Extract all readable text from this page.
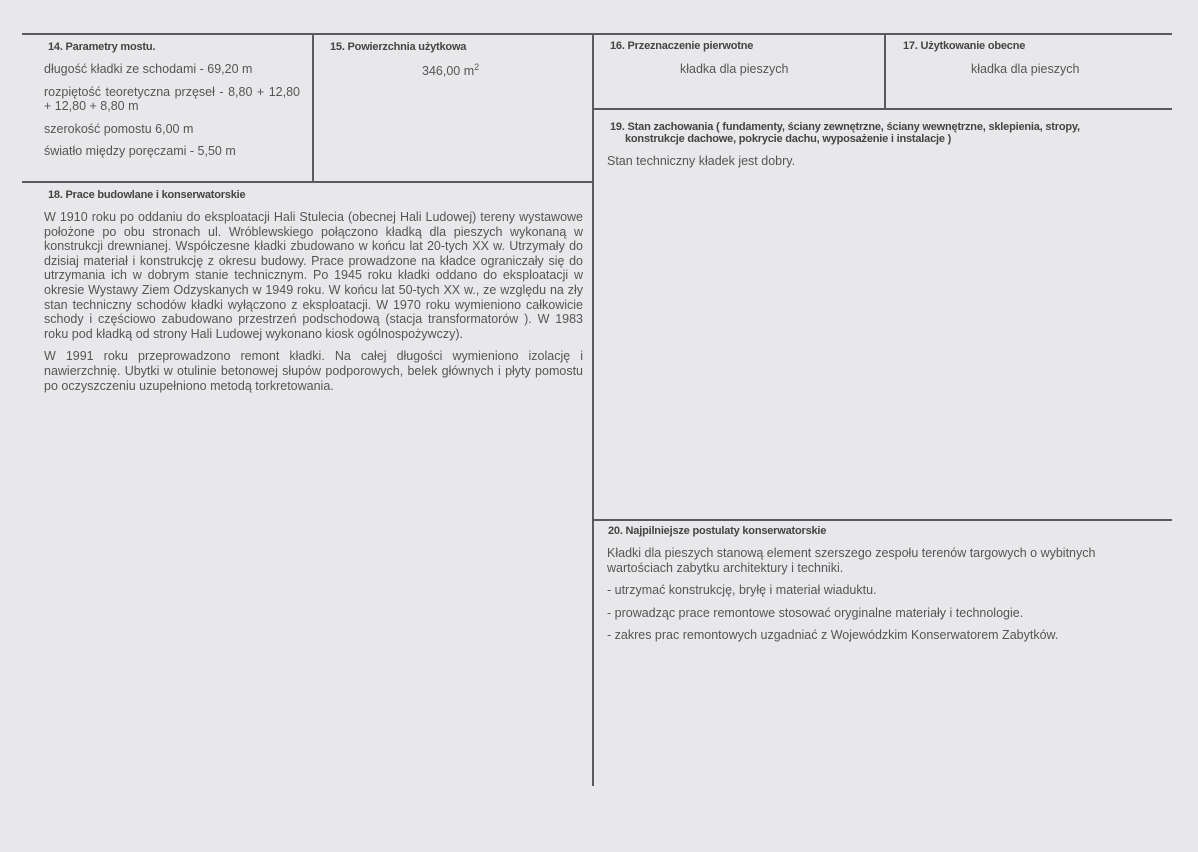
14. Parametry mostu.

długość kładki ze schodami - 69,20 m

rozpiętość teoretyczna przęseł - 8,80 + 12,80 + 12,80 + 8,80 m

szerokość pomostu 6,00 m

światło między poręczami - 5,50 m

15. Powierzchnia użytkowa
346,00 $m^2$
16. Przeznaczenie pierwotne
kładka dla pieszych
17. Użytkowanie obecne
kładka dla pieszych
18. Prace budowlane i konserwatorskie

W 1910 roku po oddaniu do eksploatacji Hali Stulecia (obecnej Hali Ludowej) tereny wystawowe położone po obu stronach ul. Wróblewskiego połączono kładką dla pieszych wykonaną w konstrukcji drewnianej. Współczesne kładki zbudowano w końcu lat 20-tych XX w. Utrzymały do dzisiaj materiał i konstrukcję z okresu budowy. Prace prowadzone na kładce ograniczały się do utrzymania ich w dobrym stanie technicznym. Po 1945 roku kładki oddano do eksploatacji w okresie Wystawy Ziem Odzyskanych w 1949 roku. W końcu lat 50-tych XX w., ze względu na zły stan techniczny schodów kładki wyłączono z eksploatacji. W 1970 roku wymieniono całkowicie schody i częściowo zabudowano przestrzeń podschodową (stacja transformatorów ). W 1983 roku pod kładką od strony Hali Ludowej wykonano kiosk ogólnospożywczy).

W 1991 roku przeprowadzono remont kładki. Na całej długości wymieniono izolację i nawierzchnię. Ubytki w otulinie betonowej słupów podporowych, belek głównych i płyty pomostu po oczyszczeniu uzupełniono metodą torkretowania.

19. Stan zachowania ( fundamenty, ściany zewnętrzne, ściany wewnętrzne, sklepienia, stropy,
konstrukcje dachowe, pokrycie dachu, wyposażenie i instalacje )
Stan techniczny kładek jest dobry.
20. Najpilniejsze postulaty konserwatorskie

Kładki dla pieszych stanową element szerszego zespołu terenów targowych o wybitnych wartościach zabytku architektury i techniki.

- utrzymać konstrukcję, bryłę i materiał wiaduktu.

- prowadząc prace remontowe stosować oryginalne materiały i technologie.

- zakres prac remontowych uzgadniać z Wojewódzkim Konserwatorem Zabytków.
